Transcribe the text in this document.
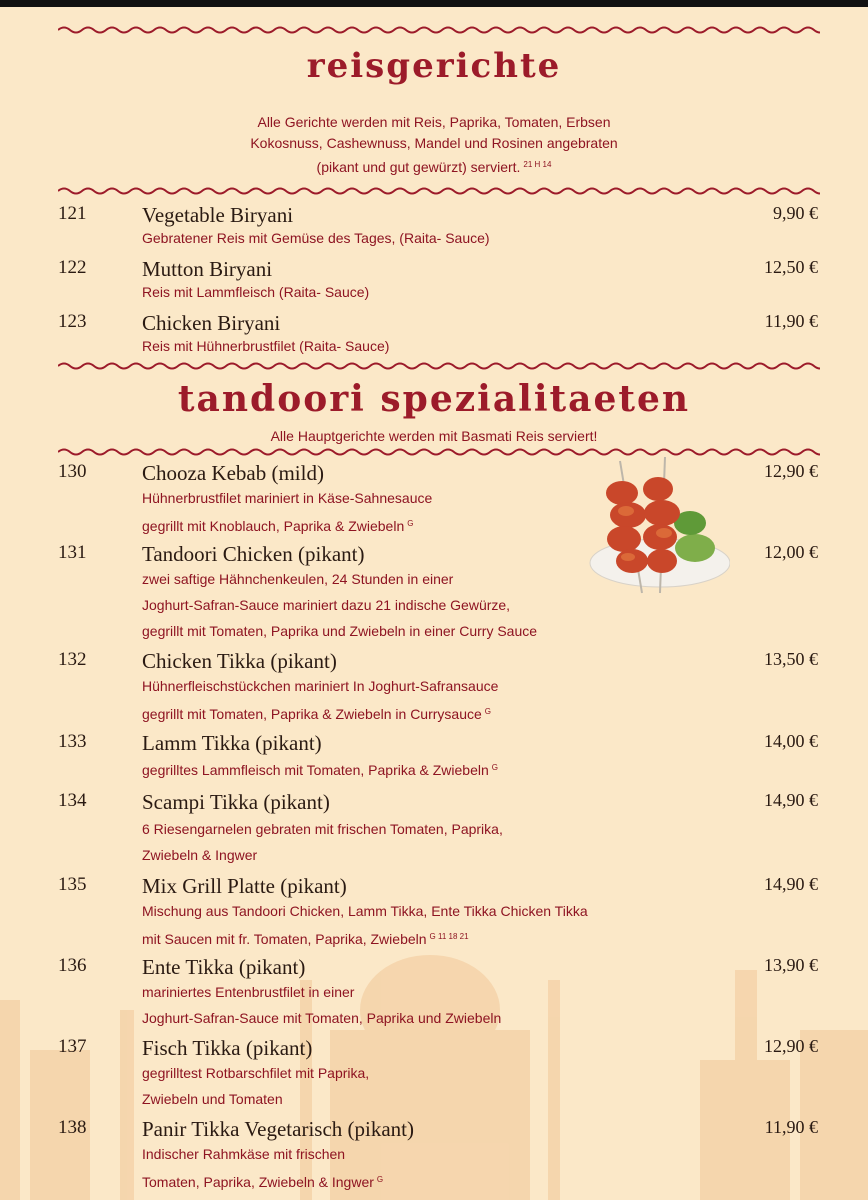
reisgerichte
Alle Gerichte werden mit Reis, Paprika, Tomaten, Erbsen
Kokosnuss, Cashewnuss, Mandel und Rosinen angebraten
(pikant und gut gewürzt) serviert. $^{21 H 14}$
121	Vegetable Biryani	9,90 €
Gebratener Reis mit Gemüse des Tages, (Raita- Sauce)
122	Mutton Biryani	12,50 €
Reis mit Lammfleisch (Raita- Sauce)
123	Chicken Biryani	11,90 €
Reis mit Hühnerbrustfilet (Raita- Sauce)
tandoori spezialitaeten
Alle Hauptgerichte werden mit Basmati Reis serviert!
130	Chooza Kebab (mild)	12,90 €
Hühnerbrustfilet mariniert in Käse-Sahnesauce
gegrillt mit Knoblauch, Paprika & Zwiebeln $^G$
131	Tandoori Chicken (pikant)	12,00 €
zwei saftige Hähnchenkeulen, 24 Stunden in einer
Joghurt-Safran-Sauce mariniert dazu 21 indische Gewürze,
gegrillt mit Tomaten, Paprika und Zwiebeln in einer Curry Sauce
132	Chicken Tikka (pikant)	13,50 €
Hühnerfleischstückchen mariniert In Joghurt-Safransauce
gegrillt mit Tomaten, Paprika & Zwiebeln in Currysauce $^G$
133	Lamm Tikka (pikant)	14,00 €
gegrilltes Lammfleisch mit Tomaten, Paprika & Zwiebeln $^G$
134	Scampi Tikka (pikant)	14,90 €
6 Riesengarnelen gebraten mit frischen Tomaten, Paprika,
Zwiebeln & Ingwer
135	Mix Grill Platte (pikant)	14,90 €
Mischung aus Tandoori Chicken, Lamm Tikka, Ente Tikka Chicken Tikka
mit Saucen mit fr. Tomaten, Paprika, Zwiebeln $^{G 11 18 21}$
136	Ente Tikka (pikant)	13,90 €
mariniertes Entenbrustfilet in einer
Joghurt-Safran-Sauce mit Tomaten, Paprika und Zwiebeln
137	Fisch Tikka (pikant)	12,90 €
gegrilltest Rotbarschfilet mit Paprika,
Zwiebeln und Tomaten
138	Panir Tikka Vegetarisch (pikant)	11,90 €
Indischer Rahmkäse mit frischen
Tomaten, Paprika, Zwiebeln & Ingwer $^G$
